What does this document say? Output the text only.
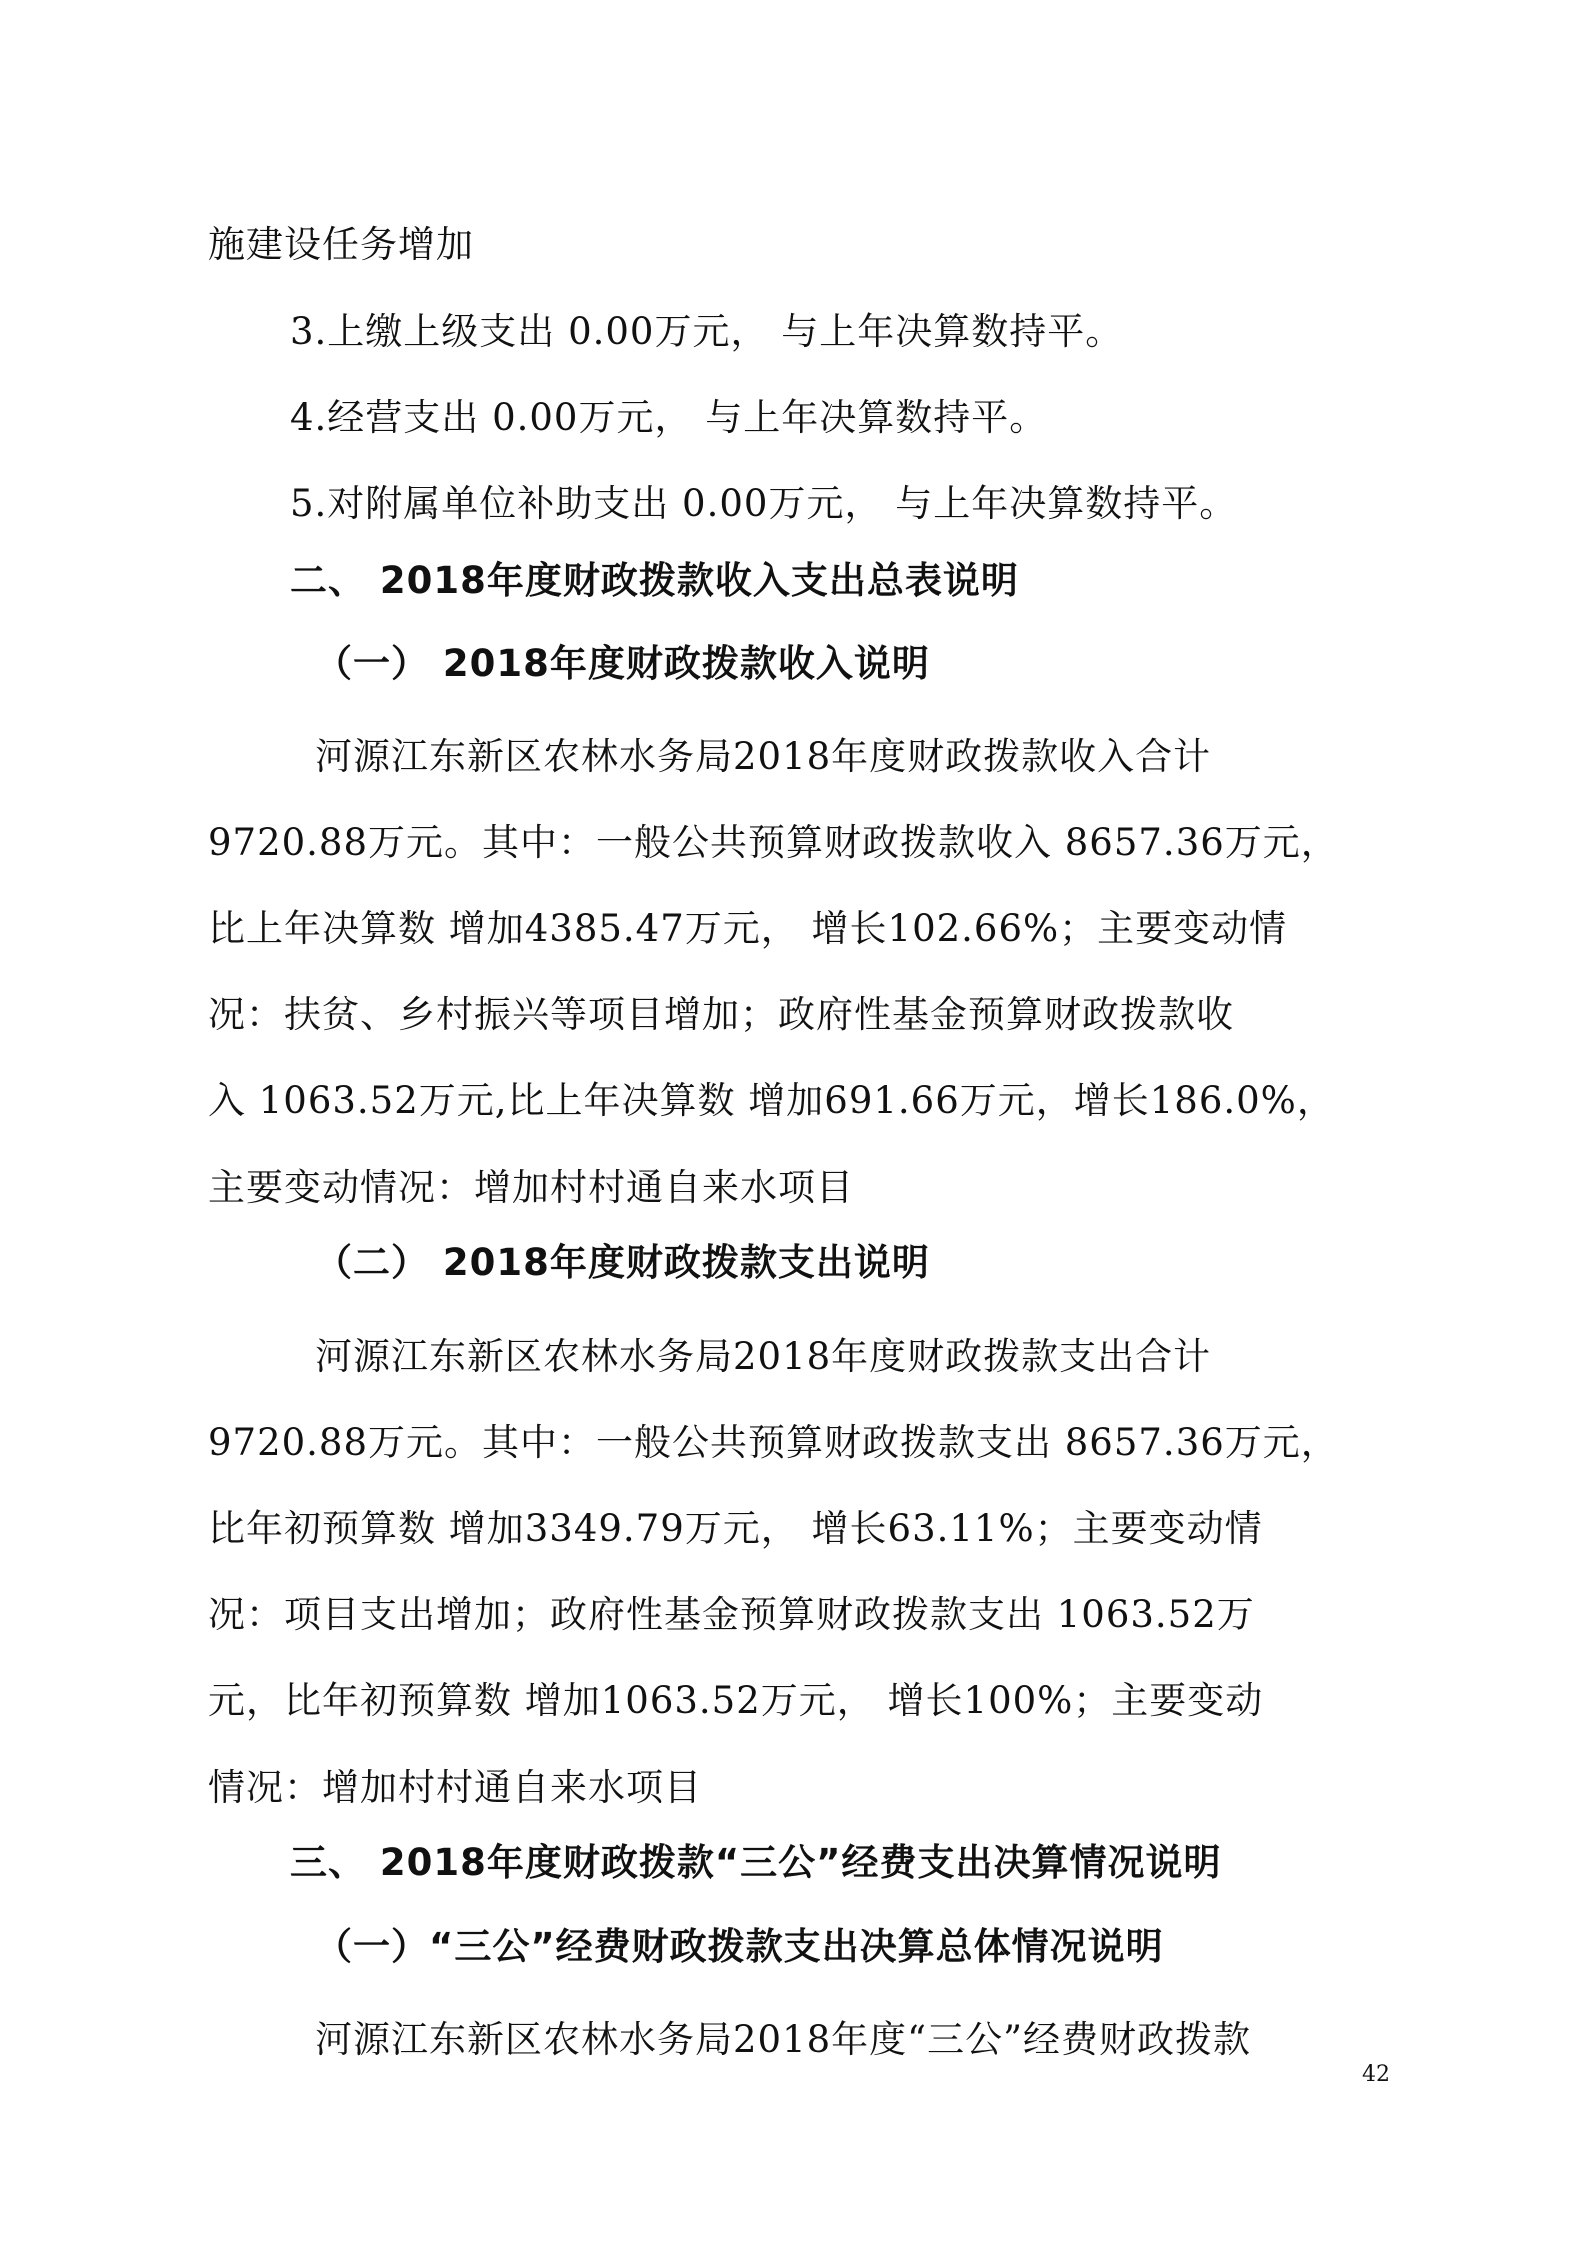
施建设任务增加
3.上缴上级支出 0.00万元， 与上年决算数持平。
4.经营支出 0.00万元， 与上年决算数持平。
5.对附属单位补助支出 0.00万元， 与上年决算数持平。
二、 2018年度财政拨款收入支出总表说明
（一） 2018年度财政拨款收入说明
河源江东新区农林水务局2018年度财政拨款收入合计
9720.88万元。其中：一般公共预算财政拨款收入 8657.36万元，
比上年决算数 增加4385.47万元， 增长102.66%；主要变动情
况：扶贫、乡村振兴等项目增加；政府性基金预算财政拨款收
入 1063.52万元,比上年决算数 增加691.66万元，增长186.0%，
主要变动情况：增加村村通自来水项目
（二） 2018年度财政拨款支出说明
河源江东新区农林水务局2018年度财政拨款支出合计
9720.88万元。其中：一般公共预算财政拨款支出 8657.36万元，
比年初预算数 增加3349.79万元， 增长63.11%；主要变动情
况：项目支出增加；政府性基金预算财政拨款支出 1063.52万
元，比年初预算数 增加1063.52万元， 增长100%；主要变动
情况：增加村村通自来水项目
三、 2018年度财政拨款“三公”经费支出决算情况说明
（一）“三公”经费财政拨款支出决算总体情况说明
河源江东新区农林水务局2018年度“三公”经费财政拨款
42
